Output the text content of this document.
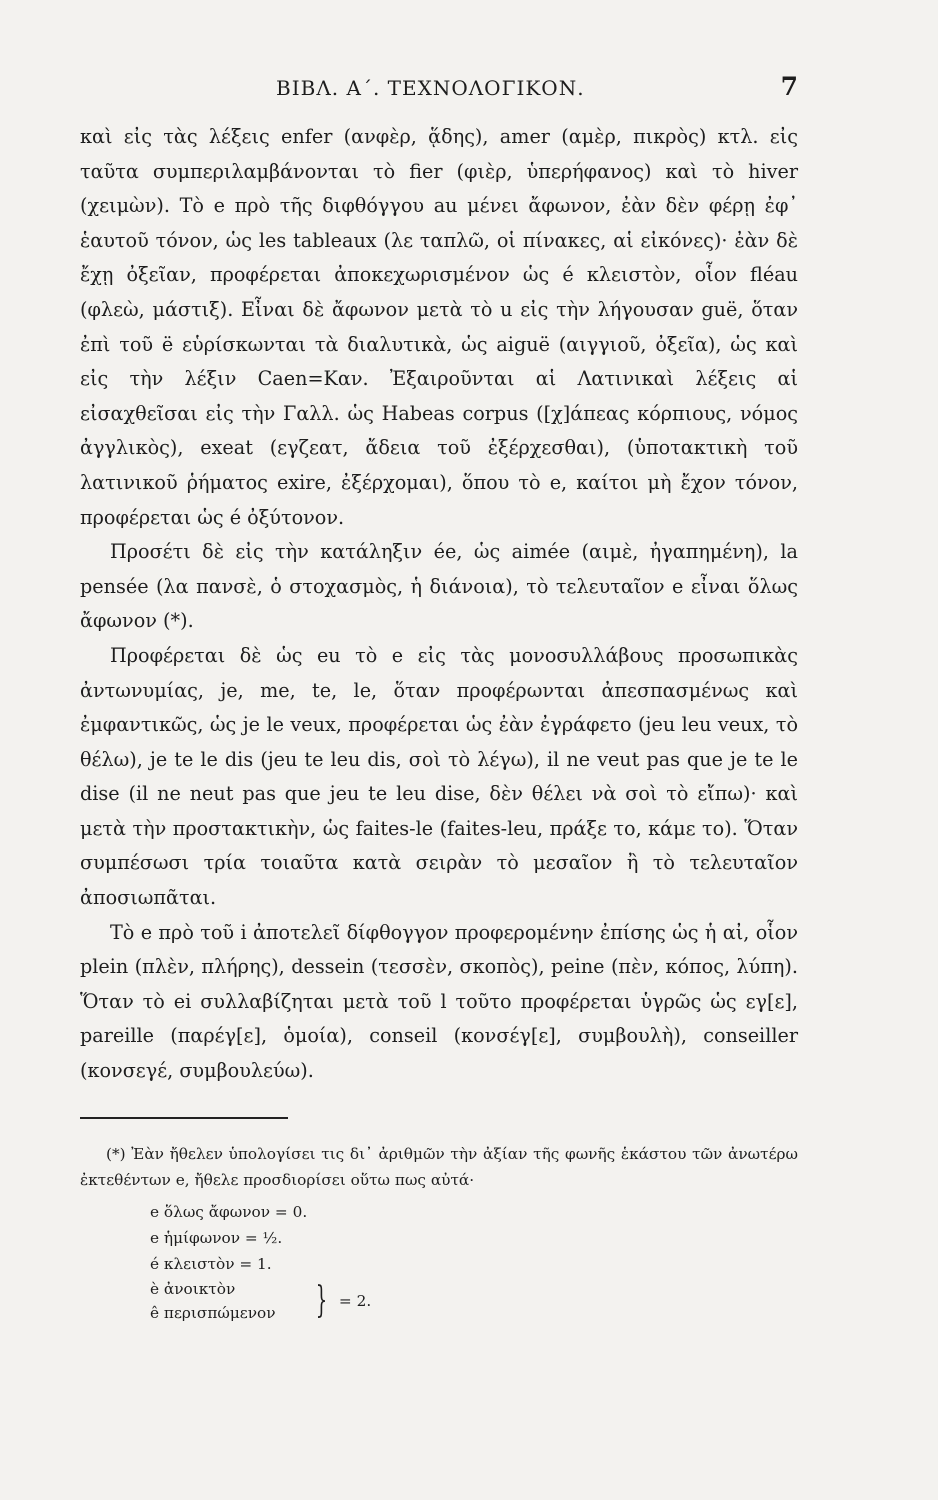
ΒΙΒΛ. Α΄. ΤΕΧΝΟΛΟΓΙΚΟΝ.	7

καὶ εἰς τὰς λέξεις enfer (ανφὲρ, ᾅδης), amer (αμὲρ, πικρὸς) κτλ. εἰς ταῦτα συμπεριλαμβάνονται τὸ fier (φιὲρ, ὑπερήφανος) καὶ τὸ hiver (χειμὼν). Τὸ e πρὸ τῆς διφθόγγου au μένει ἄφωνον, ἐὰν δὲν φέρῃ ἐφ᾽ ἑαυτοῦ τόνον, ὡς les tableaux (λε ταπλῶ, οἱ πίνακες, αἱ εἰκόνες)· ἐὰν δὲ ἔχῃ ὀξεῖαν, προφέρεται ἀποκεχωρισμένον ὡς é κλειστὸν, οἷον fléau (φλεὼ, μάστιξ). Εἶναι δὲ ἄφωνον μετὰ τὸ u εἰς τὴν λήγουσαν guë, ὅταν ἐπὶ τοῦ ë εὑρίσκωνται τὰ διαλυτικὰ, ὡς aiguë (αιγγιοῦ, ὀξεῖα), ὡς καὶ εἰς τὴν λέξιν Caen=Καν. Ἐξαιροῦνται αἱ Λατινικαὶ λέξεις αἱ εἰσαχθεῖσαι εἰς τὴν Γαλλ. ὡς Habeas corpus ([χ]άπεας κόρπιους, νόμος ἀγγλικὸς), exeat (εγζεατ, ἄδεια τοῦ ἐξέρχεσθαι), (ὑποτακτικὴ τοῦ λατινικοῦ ῥήματος exire, ἐξέρχομαι), ὅπου τὸ e, καίτοι μὴ ἔχον τόνον, προφέρεται ὡς é ὀξύτονον.

Προσέτι δὲ εἰς τὴν κατάληξιν ée, ὡς aimée (αιμὲ, ἠγαπημένη), la pensée (λα πανσὲ, ὁ στοχασμὸς, ἡ διάνοια), τὸ τελευταῖον e εἶναι ὅλως ἄφωνον (*).

Προφέρεται δὲ ὡς eu τὸ e εἰς τὰς μονοσυλλάβους προσωπικὰς ἀντωνυμίας, je, me, te, le, ὅταν προφέρωνται ἀπεσπασμένως καὶ ἐμφαντικῶς, ὡς je le veux, προφέρεται ὡς ἐὰν ἐγράφετο (jeu leu veux, τὸ θέλω), je te le dis (jeu te leu dis, σοὶ τὸ λέγω), il ne veut pas que je te le dise (il ne neut pas que jeu te leu dise, δὲν θέλει νὰ σοὶ τὸ εἴπω)· καὶ μετὰ τὴν προστακτικὴν, ὡς faites-le (faites-leu, πράξε το, κάμε το). Ὅταν συμπέσωσι τρία τοιαῦτα κατὰ σειρὰν τὸ μεσαῖον ἢ τὸ τελευταῖον ἀποσιωπᾶται.

Τὸ e πρὸ τοῦ i ἀποτελεῖ δίφθογγον προφερομένην ἐπίσης ὡς ἡ αἰ, οἷον plein (πλὲν, πλήρης), dessein (τεσσὲν, σκοπὸς), peine (πὲν, κόπος, λύπη). Ὅταν τὸ ei συλλαβίζηται μετὰ τοῦ l τοῦτο προφέρεται ὑγρῶς ὡς εγ[ε], pareille (παρέγ[ε], ὁμοία), conseil (κονσέγ[ε], συμβουλὴ), conseiller (κονσεγέ, συμβουλεύω).

(*) Ἐὰν ἤθελεν ὑπολογίσει τις δι᾽ ἀριθμῶν τὴν ἀξίαν τῆς φωνῆς ἑκάστου τῶν ἀνωτέρω ἐκτεθέντων e, ἤθελε προσδιορίσει οὕτω πως αὐτά·

e ὅλως ἄφωνον = 0.
e ἡμίφωνον = ½.
é κλειστὸν = 1.
è ἀνοικτὸν
ê περισπώμενον	} = 2.
